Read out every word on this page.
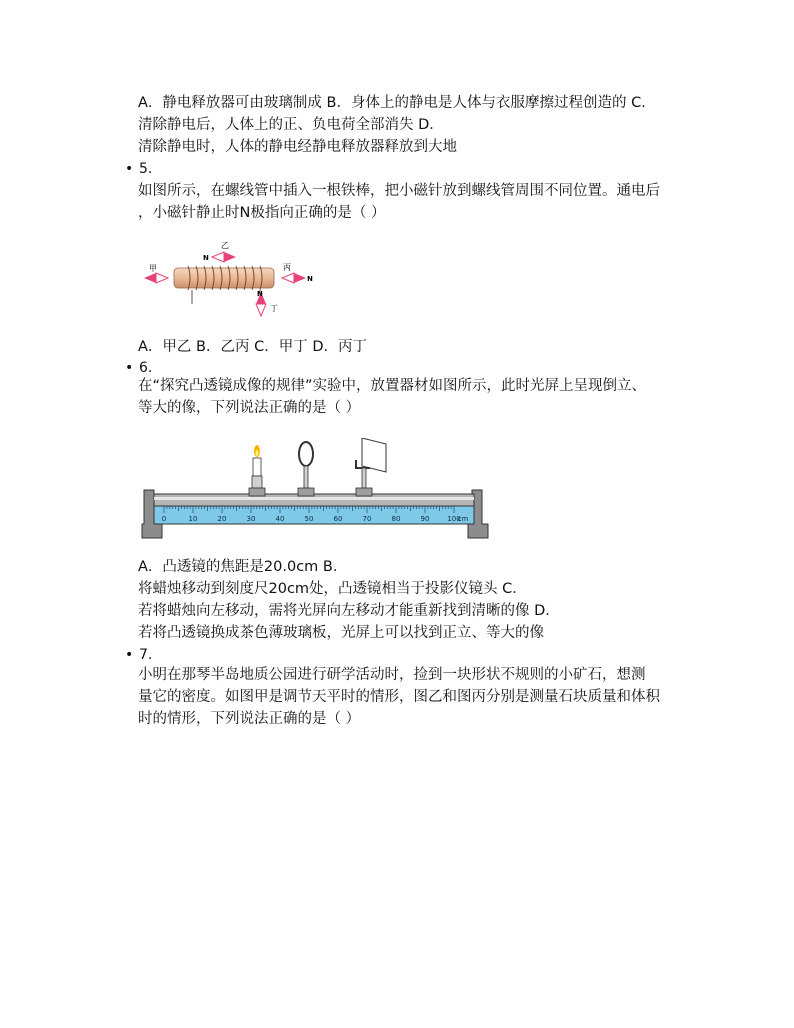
A．静电释放器可由玻璃制成 B．身体上的静电是人体与衣服摩擦过程创造的 C．
清除静电后，人体上的正、负电荷全部消失 D．
清除静电时，人体的静电经静电释放器释放到大地
5.
如图所示，在螺线管中插入一根铁棒，把小磁针放到螺线管周围不同位置。通电后
，小磁针静止时N极指向正确的是（ ）
甲
N
乙
丙
N
N
丁
A．甲乙 B．乙丙 C．甲丁 D．丙丁
6.
在“探究凸透镜成像的规律”实验中，放置器材如图所示，此时光屏上呈现倒立、
等大的像，下列说法正确的是（ ）
0	10	20	30	40	50	60	70	80	90	100
cm
A．凸透镜的焦距是20.0cm B．
将蜡烛移动到刻度尺20cm处，凸透镜相当于投影仪镜头 C．
若将蜡烛向左移动，需将光屏向左移动才能重新找到清晰的像 D．
若将凸透镜换成茶色薄玻璃板，光屏上可以找到正立、等大的像
7.
小明在那琴半岛地质公园进行研学活动时，捡到一块形状不规则的小矿石，想测
量它的密度。如图甲是调节天平时的情形，图乙和图丙分别是测量石块质量和体积
时的情形，下列说法正确的是（ ）
